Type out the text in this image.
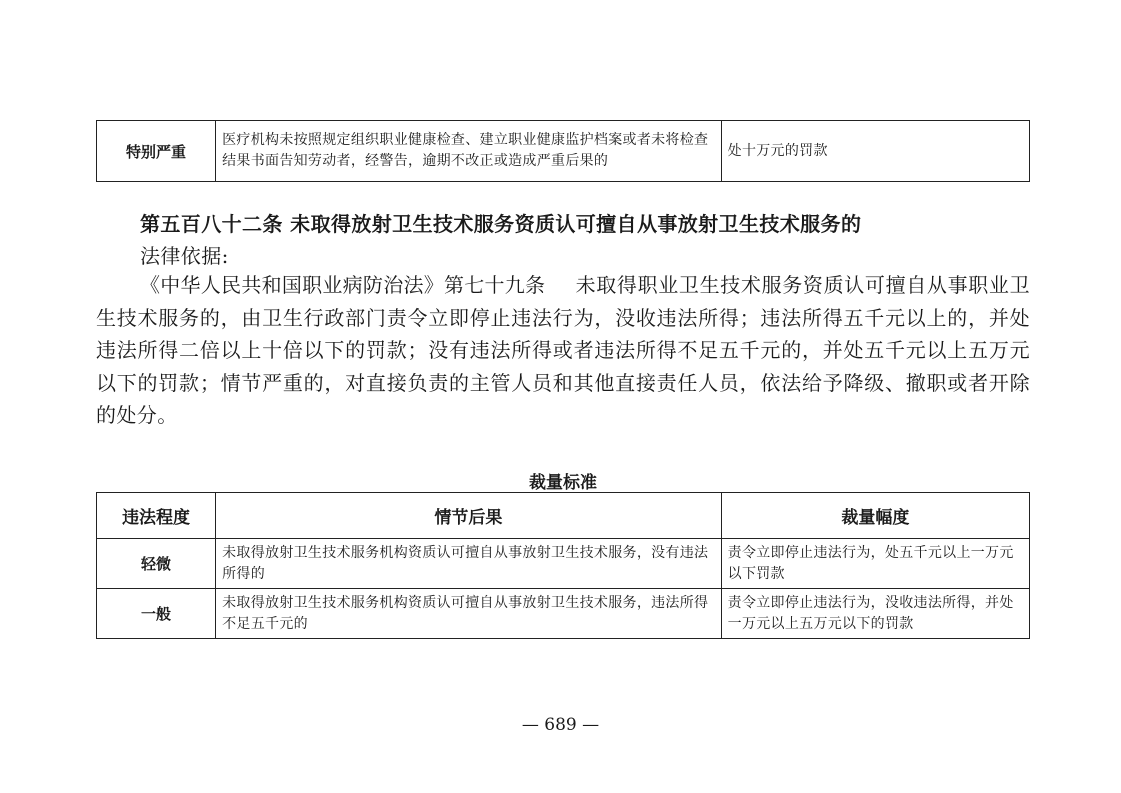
特别严重	医疗机构未按照规定组织职业健康检查、建立职业健康监护档案或者未将检查结果书面告知劳动者，经警告，逾期不改正或造成严重后果的	处十万元的罚款
第五百八十二条 未取得放射卫生技术服务资质认可擅自从事放射卫生技术服务的
法律依据:

《中华人民共和国职业病防治法》第七十九条 未取得职业卫生技术服务资质认可擅自从事职业卫生技术服务的，由卫生行政部门责令立即停止违法行为，没收违法所得；违法所得五千元以上的，并处违法所得二倍以上十倍以下的罚款；没有违法所得或者违法所得不足五千元的，并处五千元以上五万元以下的罚款；情节严重的，对直接负责的主管人员和其他直接责任人员，依法给予降级、撤职或者开除的处分。

裁量标准
违法程度	情节后果	裁量幅度
轻微	未取得放射卫生技术服务机构资质认可擅自从事放射卫生技术服务，没有违法所得的	责令立即停止违法行为，处五千元以上一万元以下罚款
一般	未取得放射卫生技术服务机构资质认可擅自从事放射卫生技术服务，违法所得不足五千元的	责令立即停止违法行为，没收违法所得，并处一万元以上五万元以下的罚款
— 689 —
